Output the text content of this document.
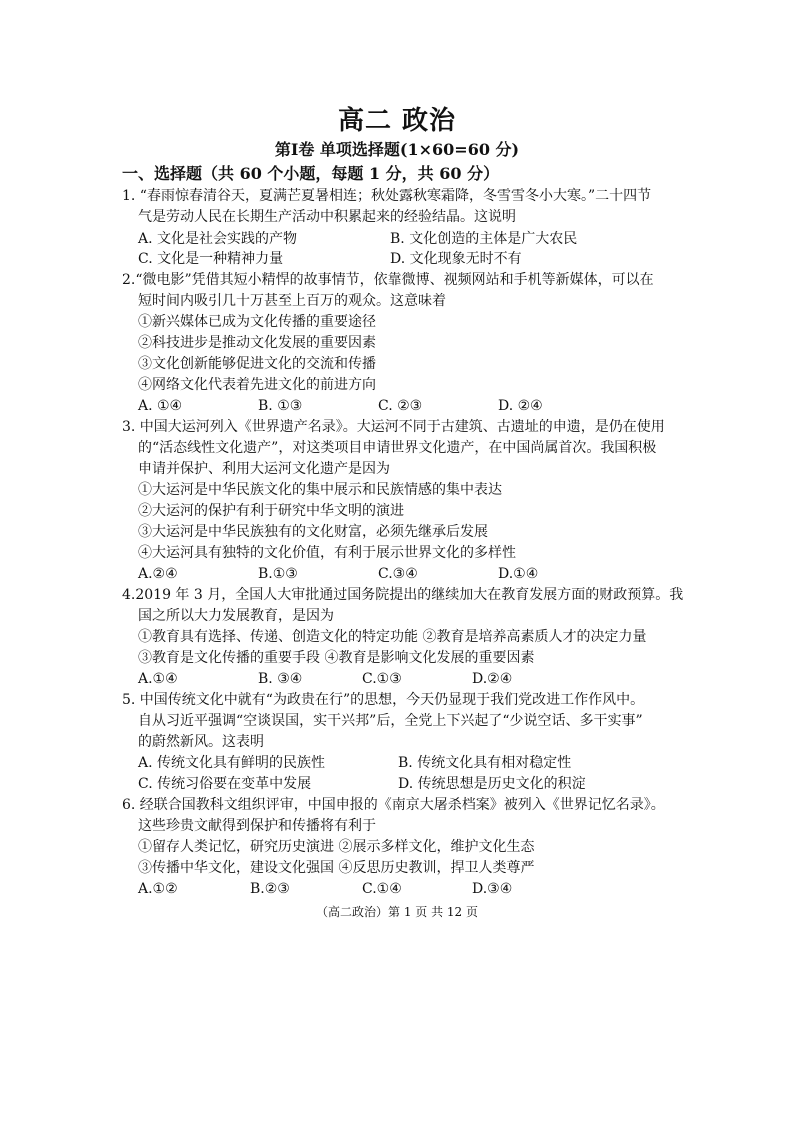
高二 政治
第Ⅰ卷 单项选择题(1×60=60 分)
一、选择题（共 60 个小题，每题 1 分，共 60 分）
1. “春雨惊春清谷天，夏满芒夏暑相连；秋处露秋寒霜降，冬雪雪冬小大寒。”二十四节
气是劳动人民在长期生产活动中积累起来的经验结晶。这说明
A. 文化是社会实践的产物	B. 文化创造的主体是广大农民
C. 文化是一种精神力量	D. 文化现象无时不有
2.“微电影”凭借其短小精悍的故事情节，依靠微博、视频网站和手机等新媒体，可以在
短时间内吸引几十万甚至上百万的观众。这意味着
①新兴媒体已成为文化传播的重要途径
②科技进步是推动文化发展的重要因素
③文化创新能够促进文化的交流和传播
④网络文化代表着先进文化的前进方向
A. ①④	B. ①③	C. ②③	D. ②④
3. 中国大运河列入《世界遗产名录》。大运河不同于古建筑、古遗址的申遗，是仍在使用
的“活态线性文化遗产”，对这类项目申请世界文化遗产，在中国尚属首次。我国积极
申请并保护、利用大运河文化遗产是因为
①大运河是中华民族文化的集中展示和民族情感的集中表达
②大运河的保护有利于研究中华文明的演进
③大运河是中华民族独有的文化财富，必须先继承后发展
④大运河具有独特的文化价值，有利于展示世界文化的多样性
A.②④	B.①③	C.③④	D.①④
4.2019 年 3 月，全国人大审批通过国务院提出的继续加大在教育发展方面的财政预算。我
国之所以大力发展教育，是因为
①教育具有选择、传递、创造文化的特定功能 ②教育是培养高素质人才的决定力量
③教育是文化传播的重要手段 ④教育是影响文化发展的重要因素
A.①④	B. ③④	C.①③	D.②④
5. 中国传统文化中就有“为政贵在行”的思想，今天仍显现于我们党改进工作作风中。
自从习近平强调“空谈误国，实干兴邦”后，全党上下兴起了“少说空话、多干实事”
的蔚然新风。这表明
A. 传统文化具有鲜明的民族性	B. 传统文化具有相对稳定性
C. 传统习俗要在变革中发展	D. 传统思想是历史文化的积淀
6. 经联合国教科文组织评审，中国申报的《南京大屠杀档案》被列入《世界记忆名录》。
这些珍贵文献得到保护和传播将有利于
①留存人类记忆，研究历史演进 ②展示多样文化，维护文化生态
③传播中华文化，建设文化强国 ④反思历史教训，捍卫人类尊严
A.①②	B.②③	C.①④	D.③④
（高二政治）第 1 页 共 12 页
